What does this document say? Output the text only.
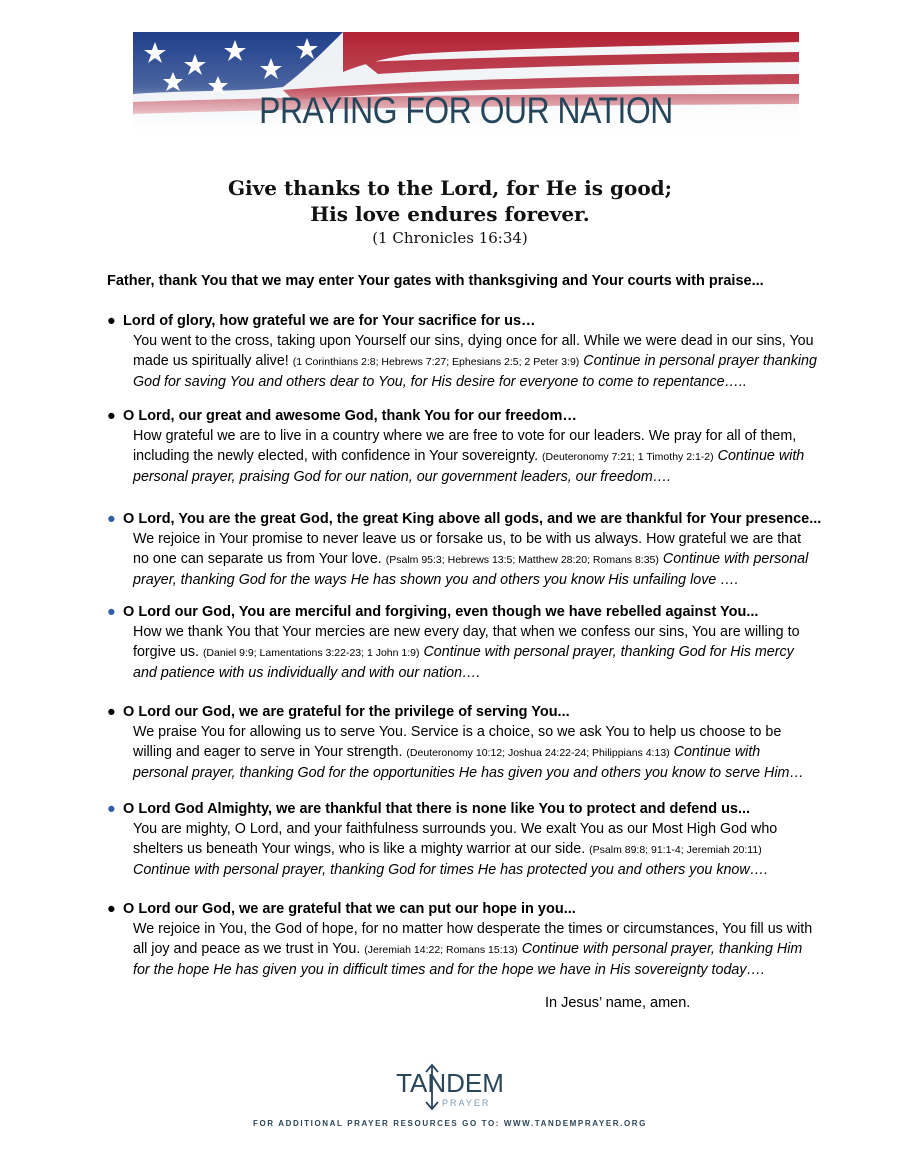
PRAYING FOR OUR NATION
Give thanks to the Lord, for He is good;
His love endures forever.
(1 Chronicles 16:34)
Father, thank You that we may enter Your gates with thanksgiving and Your courts with praise...
● Lord of glory, how grateful we are for Your sacrifice for us…
You went to the cross, taking upon Yourself our sins, dying once for all. While we were dead in our sins, You made us spiritually alive! (1 Corinthians 2:8; Hebrews 7:27; Ephesians 2:5; 2 Peter 3:9) Continue in personal prayer thanking God for saving You and others dear to You, for His desire for everyone to come to repentance…..
● O Lord, our great and awesome God, thank You for our freedom…
How grateful we are to live in a country where we are free to vote for our leaders. We pray for all of them, including the newly elected, with confidence in Your sovereignty. (Deuteronomy 7:21; 1 Timothy 2:1-2) Continue with personal prayer, praising God for our nation, our government leaders, our freedom….
● O Lord, You are the great God, the great King above all gods, and we are thankful for Your presence...
We rejoice in Your promise to never leave us or forsake us, to be with us always. How grateful we are that no one can separate us from Your love. (Psalm 95:3; Hebrews 13:5; Matthew 28:20; Romans 8:35) Continue with personal prayer, thanking God for the ways He has shown you and others you know His unfailing love ….
● O Lord our God, You are merciful and forgiving, even though we have rebelled against You...
How we thank You that Your mercies are new every day, that when we confess our sins, You are willing to forgive us. (Daniel 9:9; Lamentations 3:22-23; 1 John 1:9) Continue with personal prayer, thanking God for His mercy and patience with us individually and with our nation….
● O Lord our God, we are grateful for the privilege of serving You...
We praise You for allowing us to serve You. Service is a choice, so we ask You to help us choose to be willing and eager to serve in Your strength. (Deuteronomy 10:12; Joshua 24:22-24; Philippians 4:13) Continue with personal prayer, thanking God for the opportunities He has given you and others you know to serve Him…
● O Lord God Almighty, we are thankful that there is none like You to protect and defend us...
You are mighty, O Lord, and your faithfulness surrounds you. We exalt You as our Most High God who shelters us beneath Your wings, who is like a mighty warrior at our side. (Psalm 89:8; 91:1-4; Jeremiah 20:11) Continue with personal prayer, thanking God for times He has protected you and others you know….
● O Lord our God, we are grateful that we can put our hope in you...
We rejoice in You, the God of hope, for no matter how desperate the times or circumstances, You fill us with all joy and peace as we trust in You. (Jeremiah 14:22; Romans 15:13) Continue with personal prayer, thanking Him for the hope He has given you in difficult times and for the hope we have in His sovereignty today….
In Jesus’ name, amen.
TANDEM
PRAYER
FOR ADDITIONAL PRAYER RESOURCES GO TO: WWW.TANDEMPRAYER.ORG
